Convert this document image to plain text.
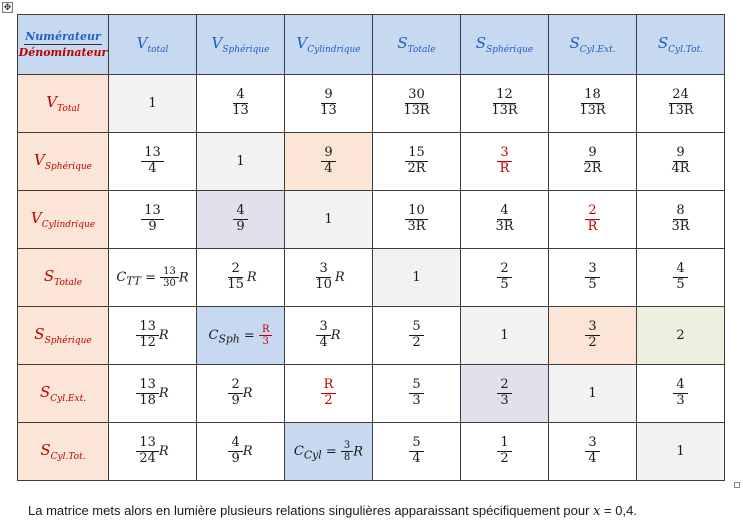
✥
Numérateur
Dénominateur	$V_{total}$	$V_{Sphérique}$	$V_{Cylindrique}$	$S_{Totale}$	$S_{Sphérique}$	$S_{Cyl.Ext.}$	$S_{Cyl.Tot.}$
$V_{Total}$	1	$\frac{4}{13}$	$\frac{9}{13}$	$\frac{30}{13R}$	$\frac{12}{13R}$	$\frac{18}{13R}$	$\frac{24}{13R}$

$V_{Sphérique}$	$\frac{13}{4}$	1	$\frac{9}{4}$	$\frac{15}{2R}$	$\frac{3}{R}$	$\frac{9}{2R}$	$\frac{9}{4R}$

$V_{Cylindrique}$	$\frac{13}{9}$	$\frac{4}{9}$	1	$\frac{10}{3R}$	$\frac{4}{3R}$	$\frac{2}{R}$	$\frac{8}{3R}$

$S_{Totale}$	$C_{TT} = \frac{13}{30}$ R	$\frac{2}{15}$ R	$\frac{3}{10}$ R	1	$\frac{2}{5}$	$\frac{3}{5}$	$\frac{4}{5}$

$S_{Sphérique}$	$\frac{13}{12}$ R	$C_{Sph} = \frac{R}{3}$	$\frac{3}{4}$ R	$\frac{5}{2}$	1	$\frac{3}{2}$	2
$S_{Cyl.Ext.}$	$\frac{13}{18}$ R	$\frac{2}{9}$ R	$\frac{R}{2}$	$\frac{5}{3}$	$\frac{2}{3}$	1	$\frac{4}{3}$

$S_{Cyl.Tot.}$	$\frac{13}{24}$ R	$\frac{4}{9}$ R	$C_{Cyl} = \frac{3}{8}$ R	$\frac{5}{4}$	$\frac{1}{2}$	$\frac{3}{4}$	1
La matrice mets alors en lumière plusieurs relations singulières apparaissant spécifiquement pour x = 0,4.
